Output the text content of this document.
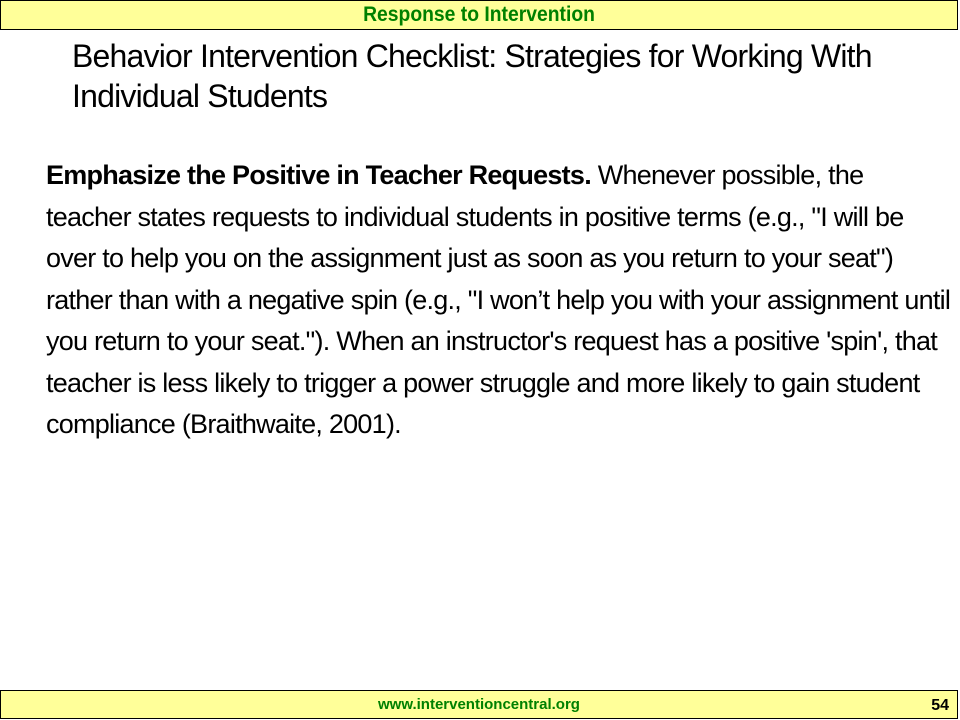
Response to Intervention
Behavior Intervention Checklist: Strategies for Working With Individual Students

Emphasize the Positive in Teacher Requests. Whenever possible, the teacher states requests to individual students in positive terms (e.g., "I will be over to help you on the assignment just as soon as you return to your seat") rather than with a negative spin (e.g., "I won’t help you with your assignment until you return to your seat."). When an instructor's request has a positive 'spin', that teacher is less likely to trigger a power struggle and more likely to gain student compliance (Braithwaite, 2001).

www.interventioncentral.org	54
